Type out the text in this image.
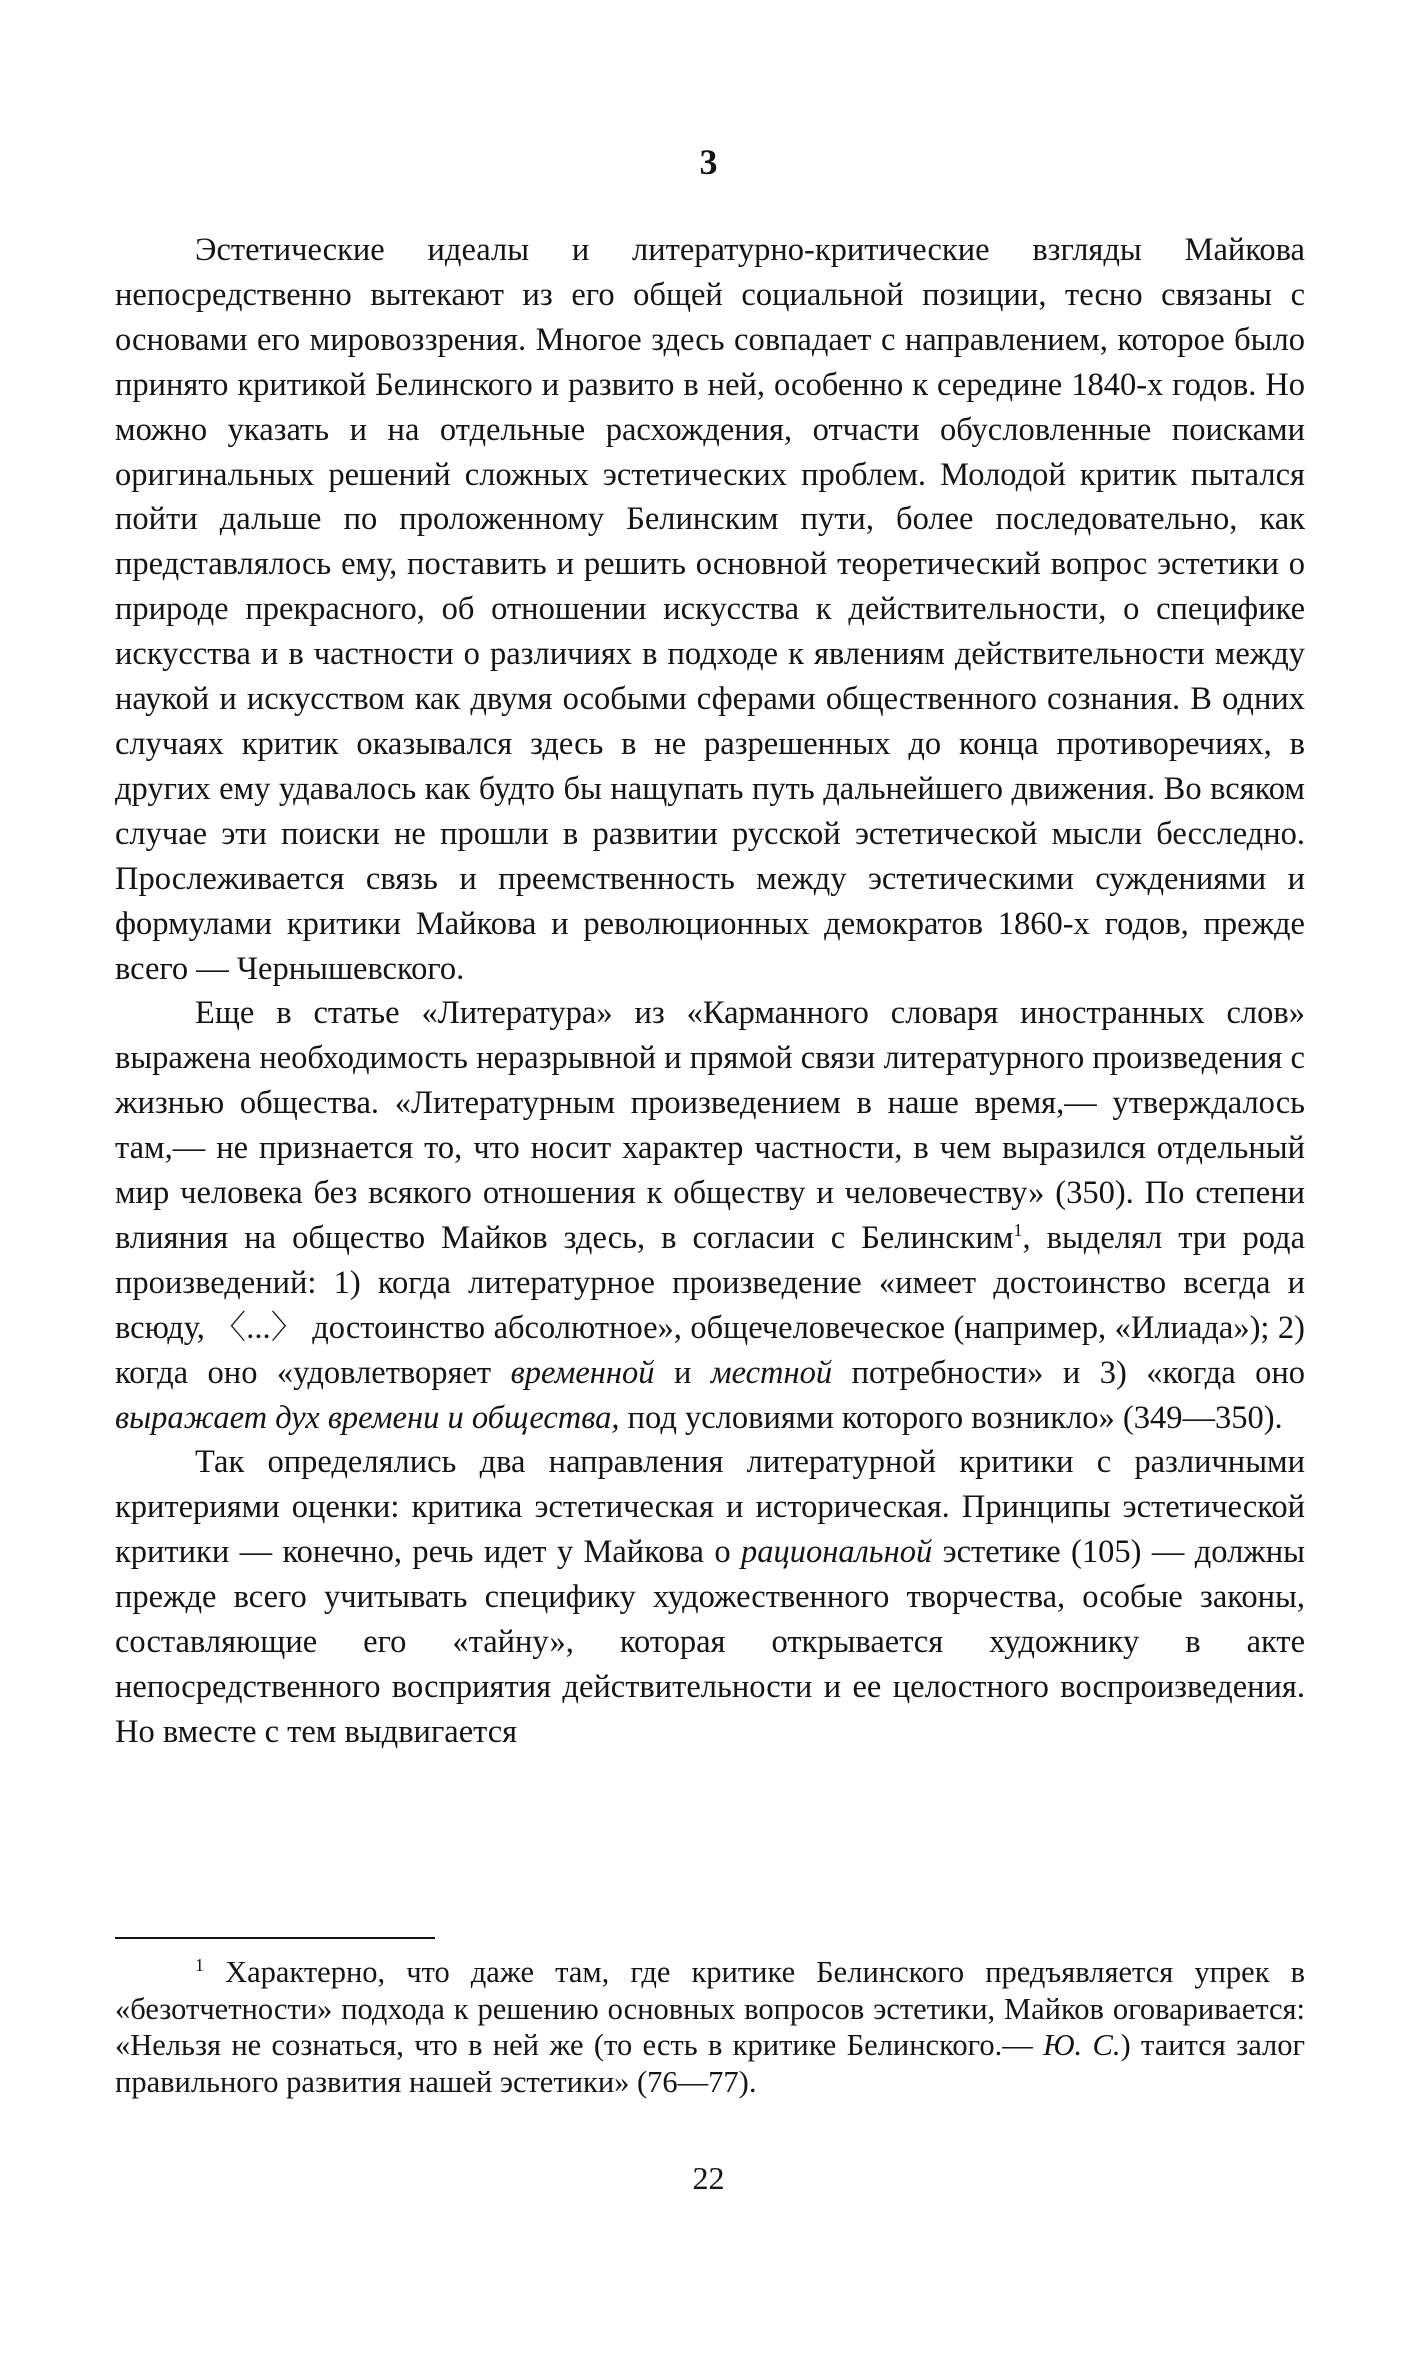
3

Эстетические идеалы и литературно-критические взгляды Майкова непосредственно вытекают из его общей социальной позиции, тесно связаны с основами его мировоззрения. Многое здесь совпадает с направлением, которое было принято критикой Белинского и развито в ней, особенно к середине 1840-х годов. Но можно указать и на отдельные расхождения, отчасти обусловленные поисками оригинальных решений сложных эстетических проблем. Молодой критик пытался пойти дальше по проложенному Белинским пути, более последовательно, как представлялось ему, поставить и решить основной теоретический вопрос эстетики о природе прекрасного, об отношении искусства к действительности, о специфике искусства и в частности о различиях в подходе к явлениям действительности между наукой и искусством как двумя особыми сферами общественного сознания. В одних случаях критик оказывался здесь в не разрешенных до конца противоречиях, в других ему удавалось как будто бы нащупать путь дальнейшего движения. Во всяком случае эти поиски не прошли в развитии русской эстетической мысли бесследно. Прослеживается связь и преемственность между эстетическими суждениями и формулами критики Майкова и революционных демократов 1860-х годов, прежде всего — Чернышевского.

Еще в статье «Литература» из «Карманного словаря иностранных слов» выражена необходимость неразрывной и прямой связи литературного произведения с жизнью общества. «Литературным произведением в наше время,— утверждалось там,— не признается то, что носит характер частности, в чем выразился отдельный мир человека без всякого отношения к обществу и человечеству» (350). По степени влияния на общество Майков здесь, в согласии с Белинским$^1$, выделял три рода произведений: 1) когда литературное произведение «имеет достоинство всегда и всюду, 〈...〉 достоинство абсолютное», общечеловеческое (например, «Илиада»); 2) когда оно «удовлетворяет временной и местной потребности» и 3) «когда оно выражает дух времени и общества, под условиями которого возникло» (349—350).

Так определялись два направления литературной критики с различными критериями оценки: критика эстетическая и историческая. Принципы эстетической критики — конечно, речь идет у Майкова о рациональной эстетике (105) — должны прежде всего учитывать специфику художественного творчества, особые законы, составляющие его «тайну», которая открывается художнику в акте непосредственного восприятия действительности и ее целостного воспроизведения. Но вместе с тем выдвигается

$^1$ Характерно, что даже там, где критике Белинского предъявляется упрек в «безотчетности» подхода к решению основных вопросов эстетики, Майков оговаривается: «Нельзя не сознаться, что в ней же (то есть в критике Белинского.— Ю. С.) таится залог правильного развития нашей эстетики» (76—77).

22
